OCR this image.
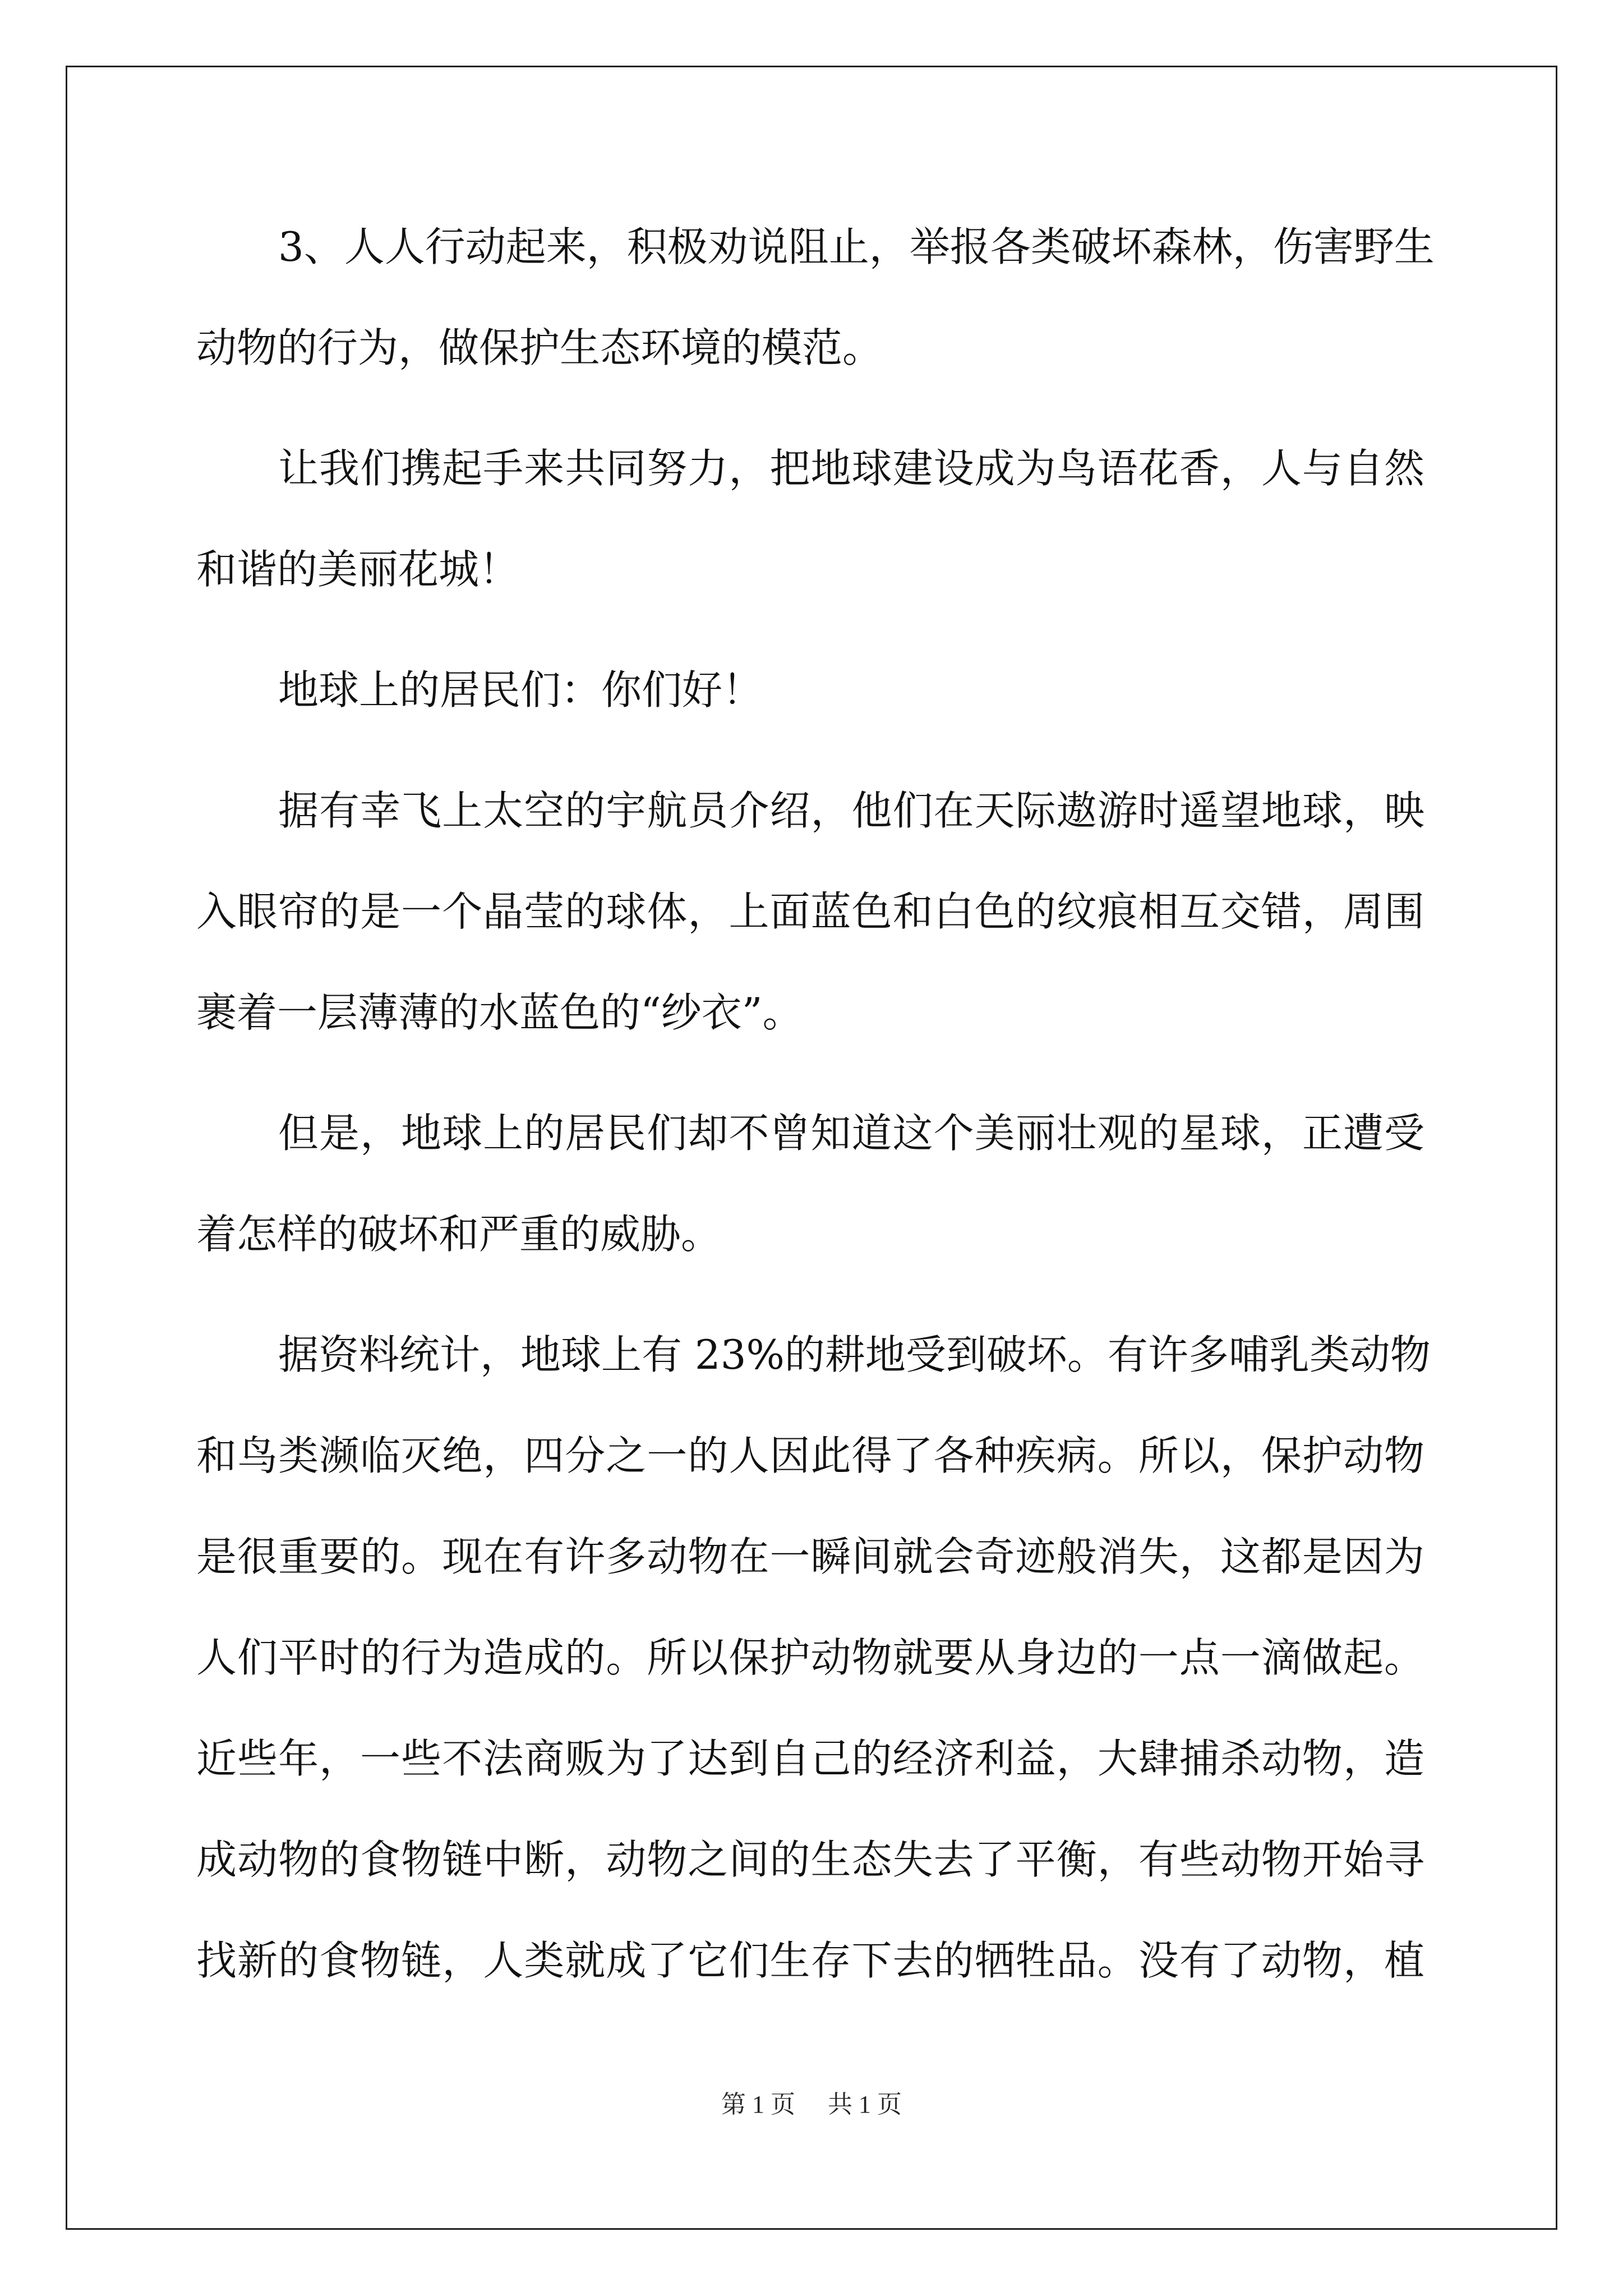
3、人人行动起来，积极劝说阻止，举报各类破坏森林，伤害野生
动物的行为，做保护生态环境的模范。
让我们携起手来共同努力，把地球建设成为鸟语花香，人与自然
和谐的美丽花城！
地球上的居民们：你们好！
据有幸飞上太空的宇航员介绍，他们在天际遨游时遥望地球，映
入眼帘的是一个晶莹的球体，上面蓝色和白色的纹痕相互交错，周围
裹着一层薄薄的水蓝色的“纱衣”。
但是，地球上的居民们却不曾知道这个美丽壮观的星球，正遭受
着怎样的破坏和严重的威胁。
据资料统计，地球上有 23%的耕地受到破坏。有许多哺乳类动物
和鸟类濒临灭绝，四分之一的人因此得了各种疾病。所以，保护动物
是很重要的。现在有许多动物在一瞬间就会奇迹般消失，这都是因为
人们平时的行为造成的。所以保护动物就要从身边的一点一滴做起。
近些年，一些不法商贩为了达到自己的经济利益，大肆捕杀动物，造
成动物的食物链中断，动物之间的生态失去了平衡，有些动物开始寻
找新的食物链，人类就成了它们生存下去的牺牲品。没有了动物，植
第 1 页 共 1 页
